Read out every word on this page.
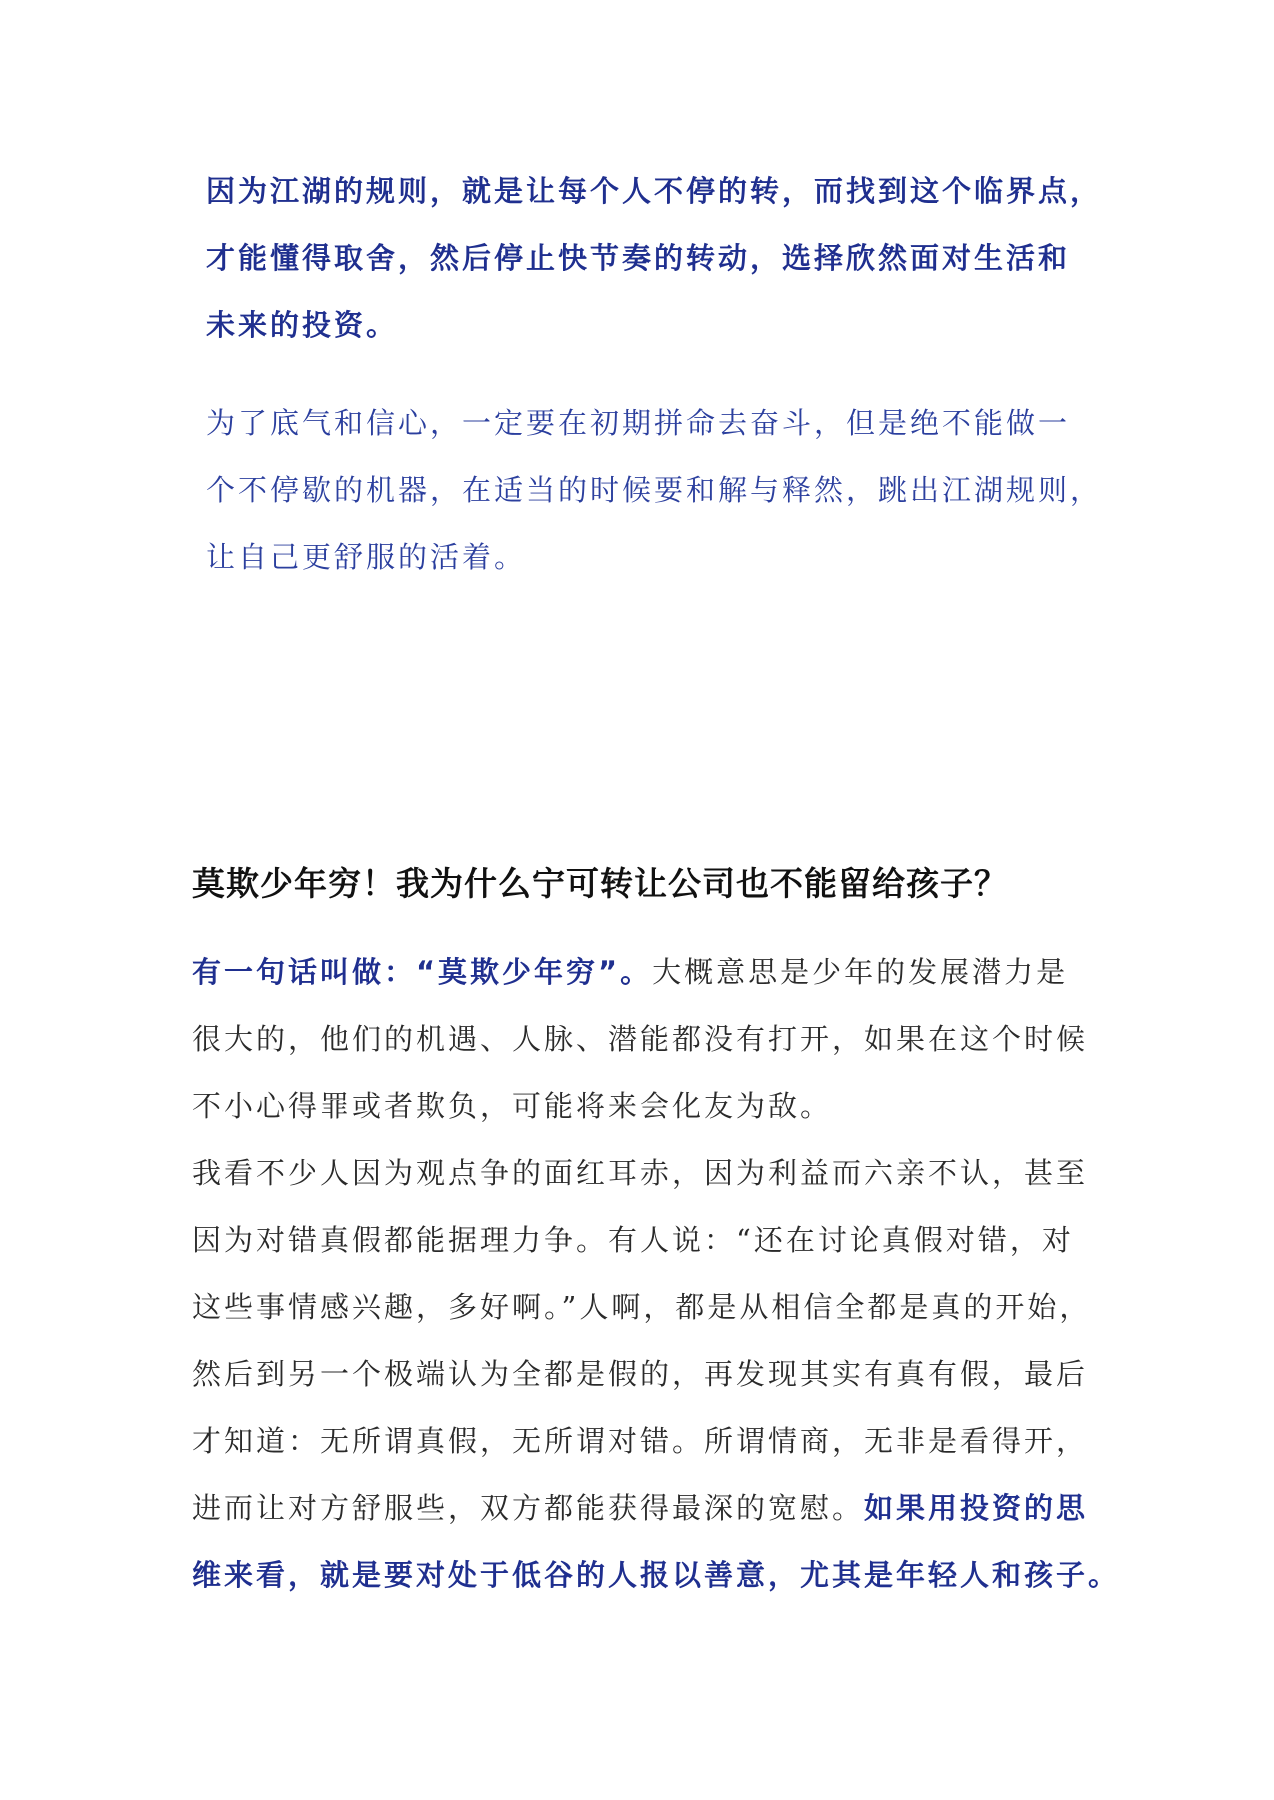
因为江湖的规则，就是让每个人不停的转，而找到这个临界点，
才能懂得取舍，然后停止快节奏的转动，选择欣然面对生活和
未来的投资。
为了底气和信心，一定要在初期拼命去奋斗，但是绝不能做一
个不停歇的机器，在适当的时候要和解与释然，跳出江湖规则，
让自己更舒服的活着。
莫欺少年穷！我为什么宁可转让公司也不能留给孩子？
有一句话叫做：“莫欺少年穷”。大概意思是少年的发展潜力是
很大的，他们的机遇、人脉、潜能都没有打开，如果在这个时候
不小心得罪或者欺负，可能将来会化友为敌。
我看不少人因为观点争的面红耳赤，因为利益而六亲不认，甚至
因为对错真假都能据理力争。有人说：“还在讨论真假对错，对
这些事情感兴趣，多好啊。”人啊，都是从相信全都是真的开始，
然后到另一个极端认为全都是假的，再发现其实有真有假，最后
才知道：无所谓真假，无所谓对错。所谓情商，无非是看得开，
进而让对方舒服些，双方都能获得最深的宽慰。如果用投资的思
维来看，就是要对处于低谷的人报以善意，尤其是年轻人和孩子。
